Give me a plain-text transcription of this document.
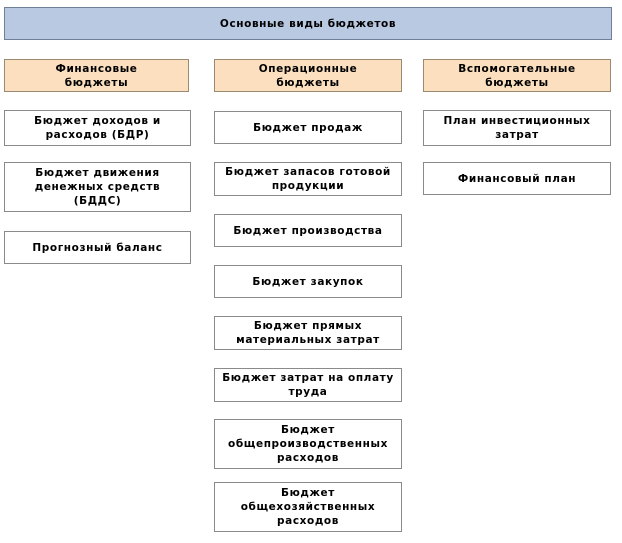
Основные виды бюджетов
Финансовые
бюджеты
Операционные
бюджеты
Вспомогательные
бюджеты
Бюджет доходов и
расходов (БДР)
Бюджет движения
денежных средств
(БДДС)
Прогнозный баланс
Бюджет продаж
Бюджет запасов готовой
продукции
Бюджет производства
Бюджет закупок
Бюджет прямых
материальных затрат
Бюджет затрат на оплату
труда
Бюджет
общепроизводственных
расходов
Бюджет
общехозяйственных
расходов
План инвестиционных
затрат
Финансовый план
